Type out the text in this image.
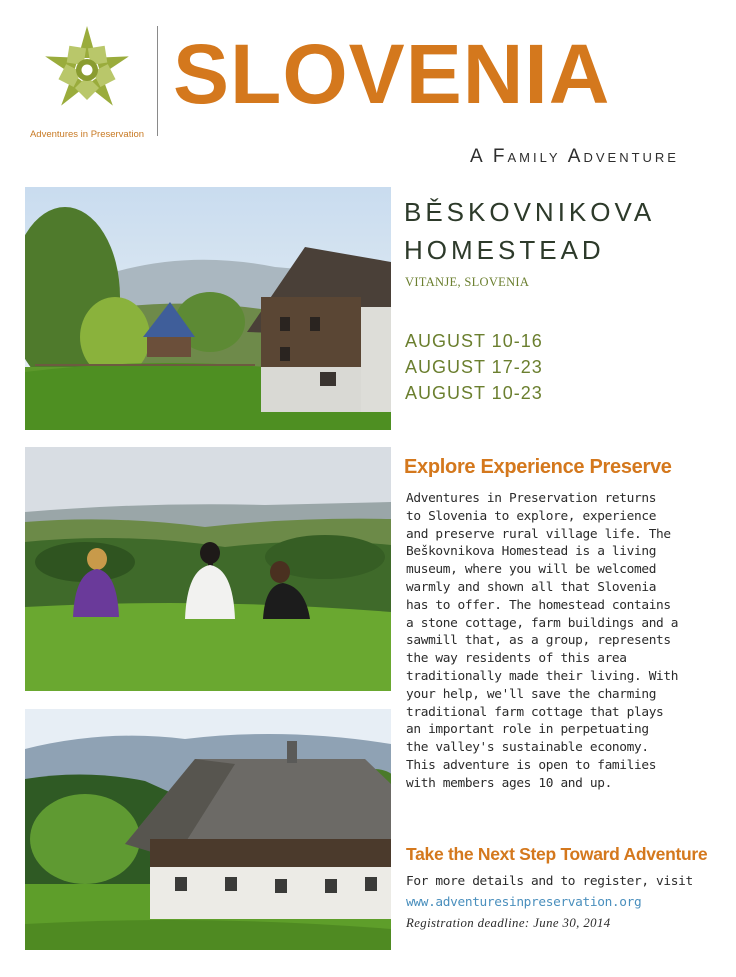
Adventures in Preservation
SLOVENIA
A Family Adventure
BĚSKOVNIKOVA
HOMESTEAD
VITANJE, SLOVENIA
AUGUST 10-16
AUGUST 17-23
AUGUST 10-23
Explore Experience Preserve
Adventures in Preservation returns
to Slovenia to explore, experience
and preserve rural village life. The
Beškovnikova Homestead is a living
museum, where you will be welcomed
warmly and shown all that Slovenia
has to offer. The homestead contains
a stone cottage, farm buildings and a
sawmill that, as a group, represents
the way residents of this area
traditionally made their living. With
your help, we'll save the charming
traditional farm cottage that plays
an important role in perpetuating
the valley's sustainable economy.
This adventure is open to families
with members ages 10 and up.
Take the Next Step Toward Adventure
For more details and to register, visit
www.adventuresinpreservation.org
Registration deadline: June 30, 2014
